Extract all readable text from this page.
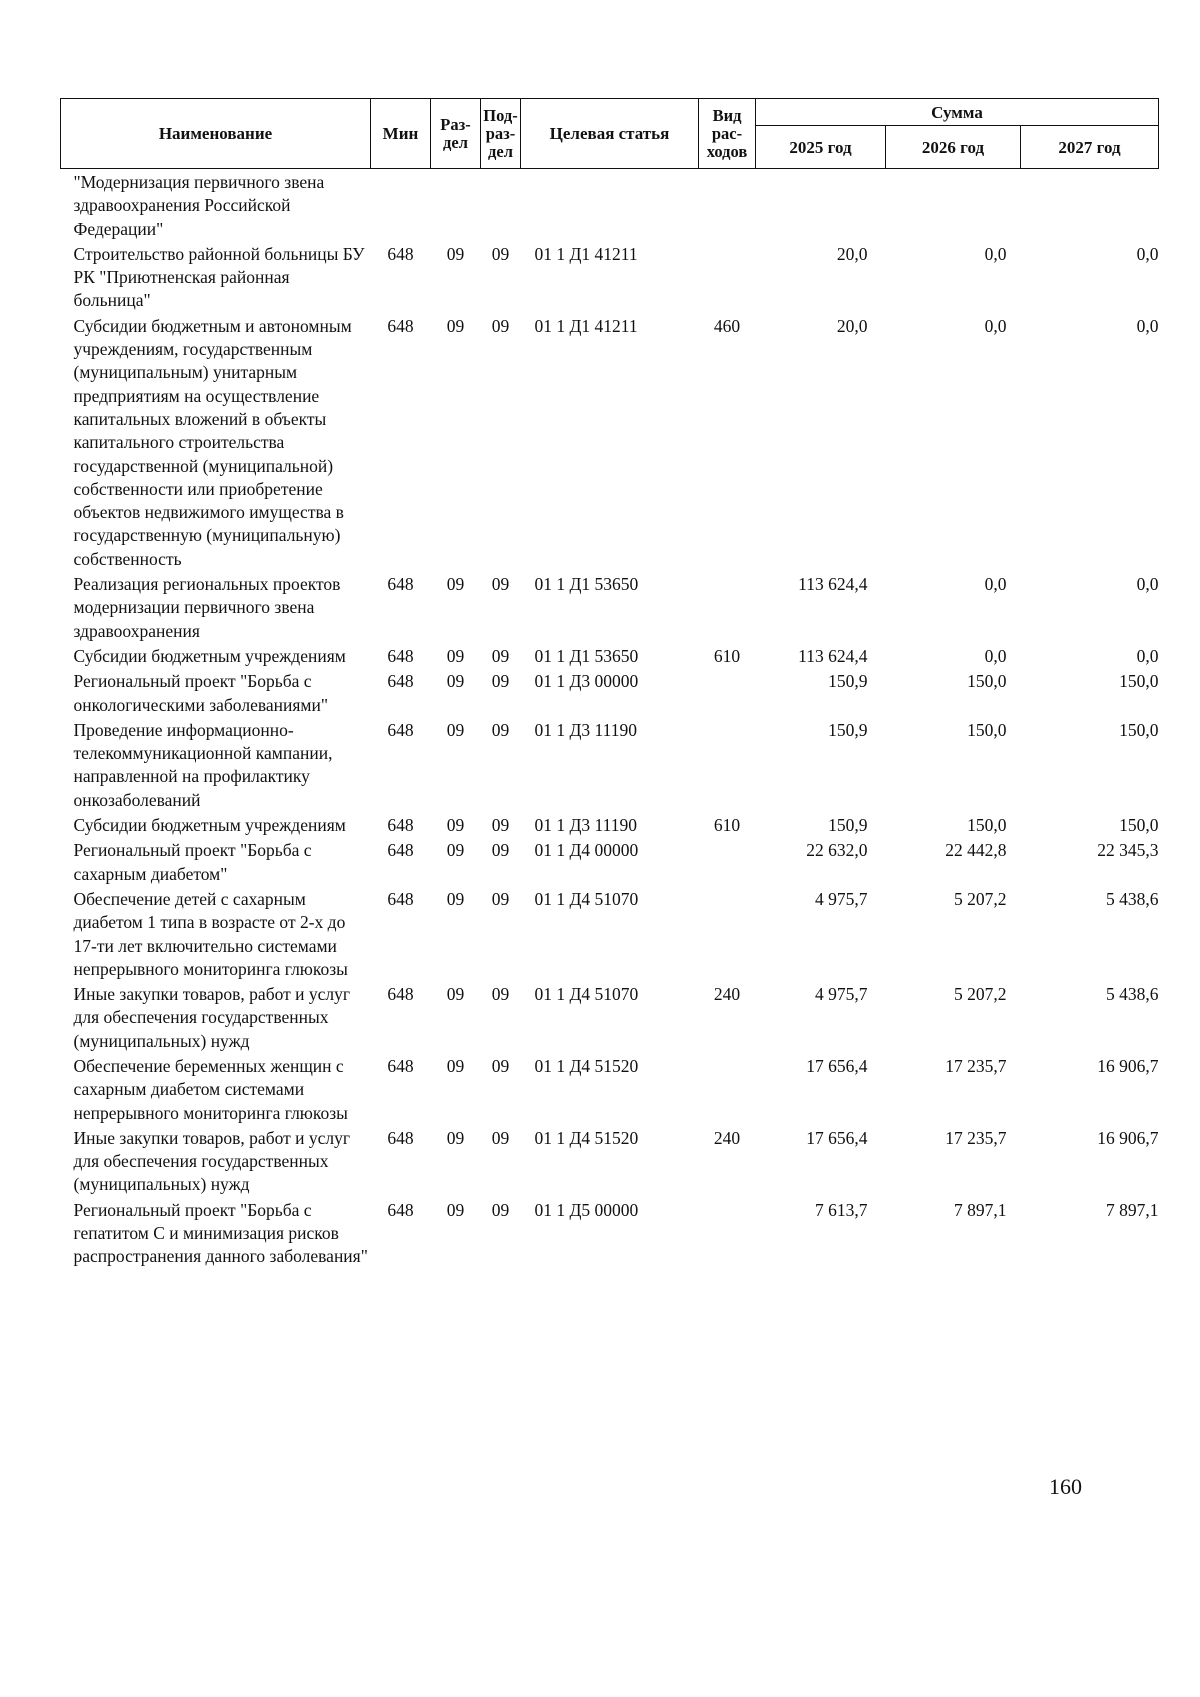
Наименование	Мин	Раз- дел	Под- раз- дел	Целевая статья	Вид рас- ходов	Сумма		
						2025 год	2026 год	2027 год
"Модернизация первичного звена здравоохранения Российской Федерации"								
Строительство районной больницы БУ РК "Приютненская районная больница"	648	09	09	01 1 Д1 41211		20,0	0,0	0,0
Субсидии бюджетным и автономным учреждениям, государственным (муниципальным) унитарным предприятиям на осуществление капитальных вложений в объекты капитального строительства государственной (муниципальной) собственности или приобретение объектов недвижимого имущества в государственную (муниципальную) собственность	648	09	09	01 1 Д1 41211	460	20,0	0,0	0,0
Реализация региональных проектов модернизации первичного звена здравоохранения	648	09	09	01 1 Д1 53650		113 624,4	0,0	0,0
Субсидии бюджетным учреждениям	648	09	09	01 1 Д1 53650	610	113 624,4	0,0	0,0
Региональный проект "Борьба с онкологическими заболеваниями"	648	09	09	01 1 Д3 00000		150,9	150,0	150,0
Проведение информационно-телекоммуникационной кампании, направленной на профилактику онкозаболеваний	648	09	09	01 1 Д3 11190		150,9	150,0	150,0
Субсидии бюджетным учреждениям	648	09	09	01 1 Д3 11190	610	150,9	150,0	150,0
Региональный проект "Борьба с сахарным диабетом"	648	09	09	01 1 Д4 00000		22 632,0	22 442,8	22 345,3
Обеспечение детей с сахарным диабетом 1 типа в возрасте от 2-х до 17-ти лет включительно системами непрерывного мониторинга глюкозы	648	09	09	01 1 Д4 51070		4 975,7	5 207,2	5 438,6
Иные закупки товаров, работ и услуг для обеспечения государственных (муниципальных) нужд	648	09	09	01 1 Д4 51070	240	4 975,7	5 207,2	5 438,6
Обеспечение беременных женщин с сахарным диабетом системами непрерывного мониторинга глюкозы	648	09	09	01 1 Д4 51520		17 656,4	17 235,7	16 906,7
Иные закупки товаров, работ и услуг для обеспечения государственных (муниципальных) нужд	648	09	09	01 1 Д4 51520	240	17 656,4	17 235,7	16 906,7
Региональный проект "Борьба с гепатитом С и минимизация рисков распространения данного заболевания"	648	09	09	01 1 Д5 00000		7 613,7	7 897,1	7 897,1
160
